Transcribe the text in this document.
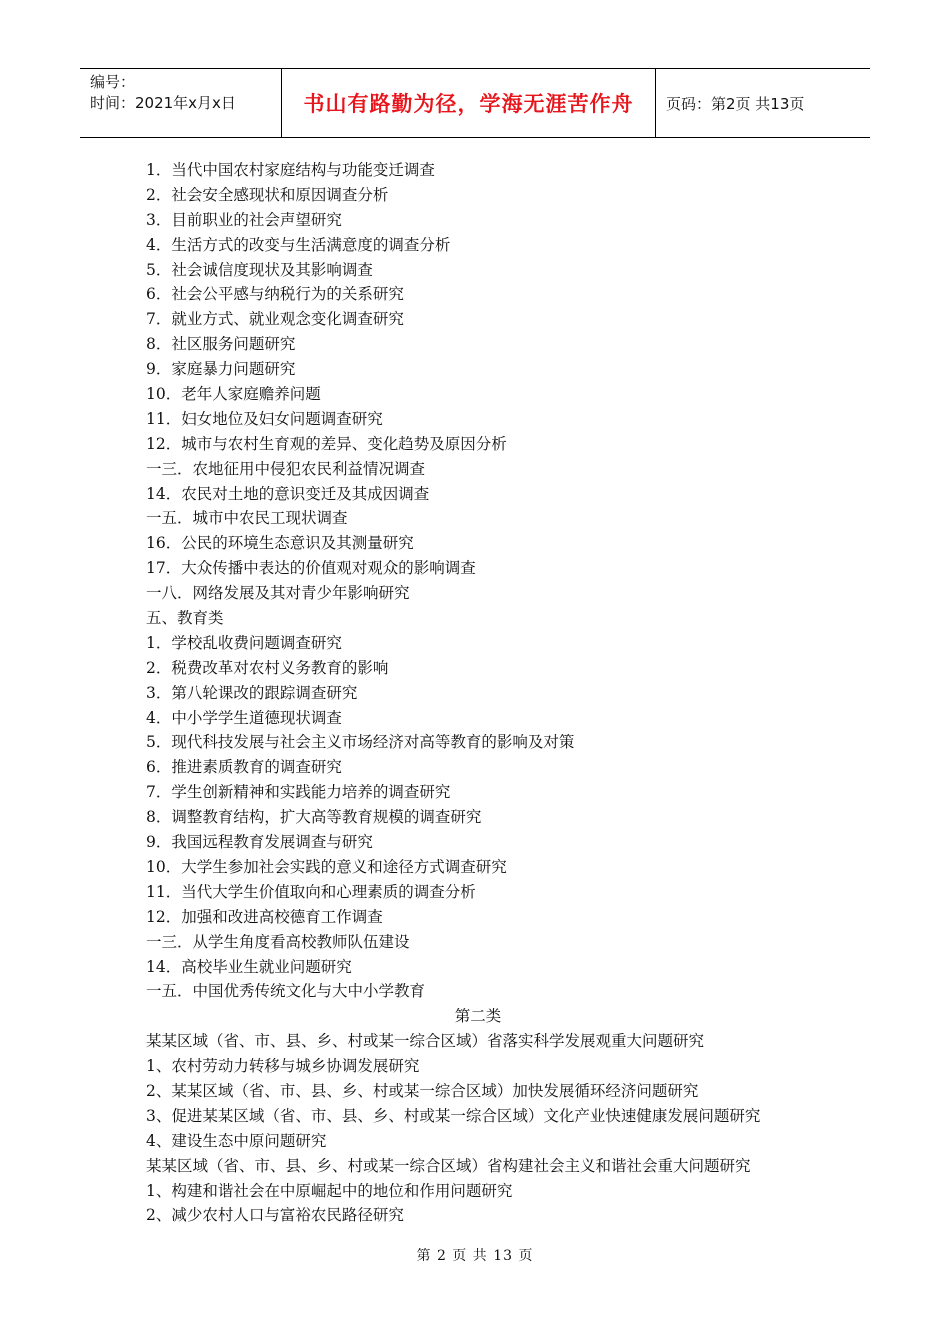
编号：
时间：2021年x月x日	书山有路勤为径，学海无涯苦作舟 页码：第2页 共13页
1．当代中国农村家庭结构与功能变迁调查
2．社会安全感现状和原因调查分析
3．目前职业的社会声望研究
4．生活方式的改变与生活满意度的调查分析
5．社会诚信度现状及其影响调查
6．社会公平感与纳税行为的关系研究
7．就业方式、就业观念变化调查研究
8．社区服务问题研究
9．家庭暴力问题研究
10．老年人家庭赡养问题
11．妇女地位及妇女问题调查研究
12．城市与农村生育观的差异、变化趋势及原因分析
一三．农地征用中侵犯农民利益情况调查
14．农民对土地的意识变迁及其成因调查
一五．城市中农民工现状调查
16．公民的环境生态意识及其测量研究
17．大众传播中表达的价值观对观众的影响调查
一八．网络发展及其对青少年影响研究
五、教育类
1．学校乱收费问题调查研究
2．税费改革对农村义务教育的影响
3．第八轮课改的跟踪调查研究
4．中小学学生道德现状调查
5．现代科技发展与社会主义市场经济对高等教育的影响及对策
6．推进素质教育的调查研究
7．学生创新精神和实践能力培养的调查研究
8．调整教育结构，扩大高等教育规模的调查研究
9．我国远程教育发展调查与研究
10．大学生参加社会实践的意义和途径方式调查研究
11．当代大学生价值取向和心理素质的调查分析
12．加强和改进高校德育工作调查
一三．从学生角度看高校教师队伍建设
14．高校毕业生就业问题研究
一五．中国优秀传统文化与大中小学教育
第二类
某某区域（省、市、县、乡、村或某一综合区域）省落实科学发展观重大问题研究
1、农村劳动力转移与城乡协调发展研究
2、某某区域（省、市、县、乡、村或某一综合区域）加快发展循环经济问题研究
3、促进某某区域（省、市、县、乡、村或某一综合区域）文化产业快速健康发展问题研究
4、建设生态中原问题研究
某某区域（省、市、县、乡、村或某一综合区域）省构建社会主义和谐社会重大问题研究
1、构建和谐社会在中原崛起中的地位和作用问题研究
2、减少农村人口与富裕农民路径研究
第 2 页 共 13 页
